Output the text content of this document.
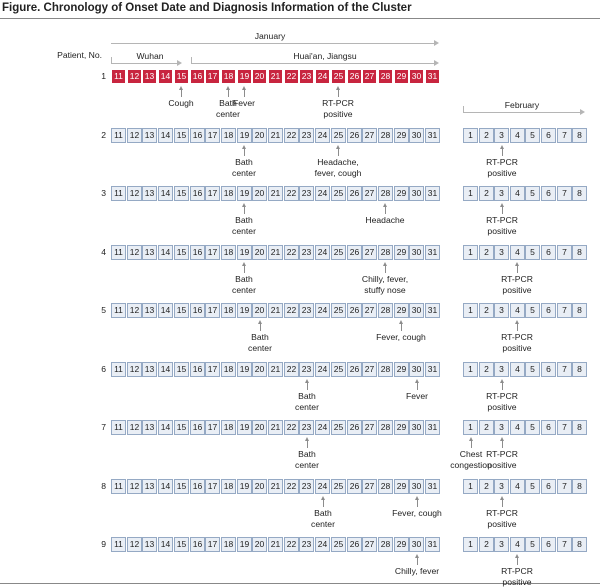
Figure. Chronology of Onset Date and Diagnosis Information of the Cluster
Patient, No.
January
Wuhan	Huai'an, Jiangsu
February
1 11 12 13 14 15 16 17 18 19 20 21 22 23 24 25 26 27 28 29 30 31
Cough	Bath
center
Fever	RT-PCR
positive
2 11 12 13 14 15 16 17 18 19 20 21 22 23 24 25 26 27 28 29 30 31	1	2	3	4	5	6	7	8
Bath
center
Headache,
fever, cough
RT-PCR
positive
3 11 12 13 14 15 16 17 18 19 20 21 22 23 24 25 26 27 28 29 30 31	1	2	3	4	5	6	7	8
Bath
center
Headache	RT-PCR
positive
4 11 12 13 14 15 16 17 18 19 20 21 22 23 24 25 26 27 28 29 30 31	1	2	3	4	5	6	7	8
Bath
center
Chilly, fever,
stuffy nose
RT-PCR
positive
5 11 12 13 14 15 16 17 18 19 20 21 22 23 24 25 26 27 28 29 30 31	1	2	3	4	5	6	7	8
Bath
center
Fever, cough	RT-PCR
positive
6 11 12 13 14 15 16 17 18 19 20 21 22 23 24 25 26 27 28 29 30 31	1	2	3	4	5	6	7	8
Bath
center
Fever	RT-PCR
positive
7 11 12 13 14 15 16 17 18 19 20 21 22 23 24 25 26 27 28 29 30 31	1	2	3	4	5	6	7	8
Bath
center
Chest
congestion
RT-PCR
positive
8 11 12 13 14 15 16 17 18 19 20 21 22 23 24 25 26 27 28 29 30 31	1	2	3	4	5	6	7	8
Bath
center
Fever, cough	RT-PCR
positive
9 11 12 13 14 15 16 17 18 19 20 21 22 23 24 25 26 27 28 29 30 31	1	2	3	4	5	6	7	8
Chilly, fever	RT-PCR
positive
